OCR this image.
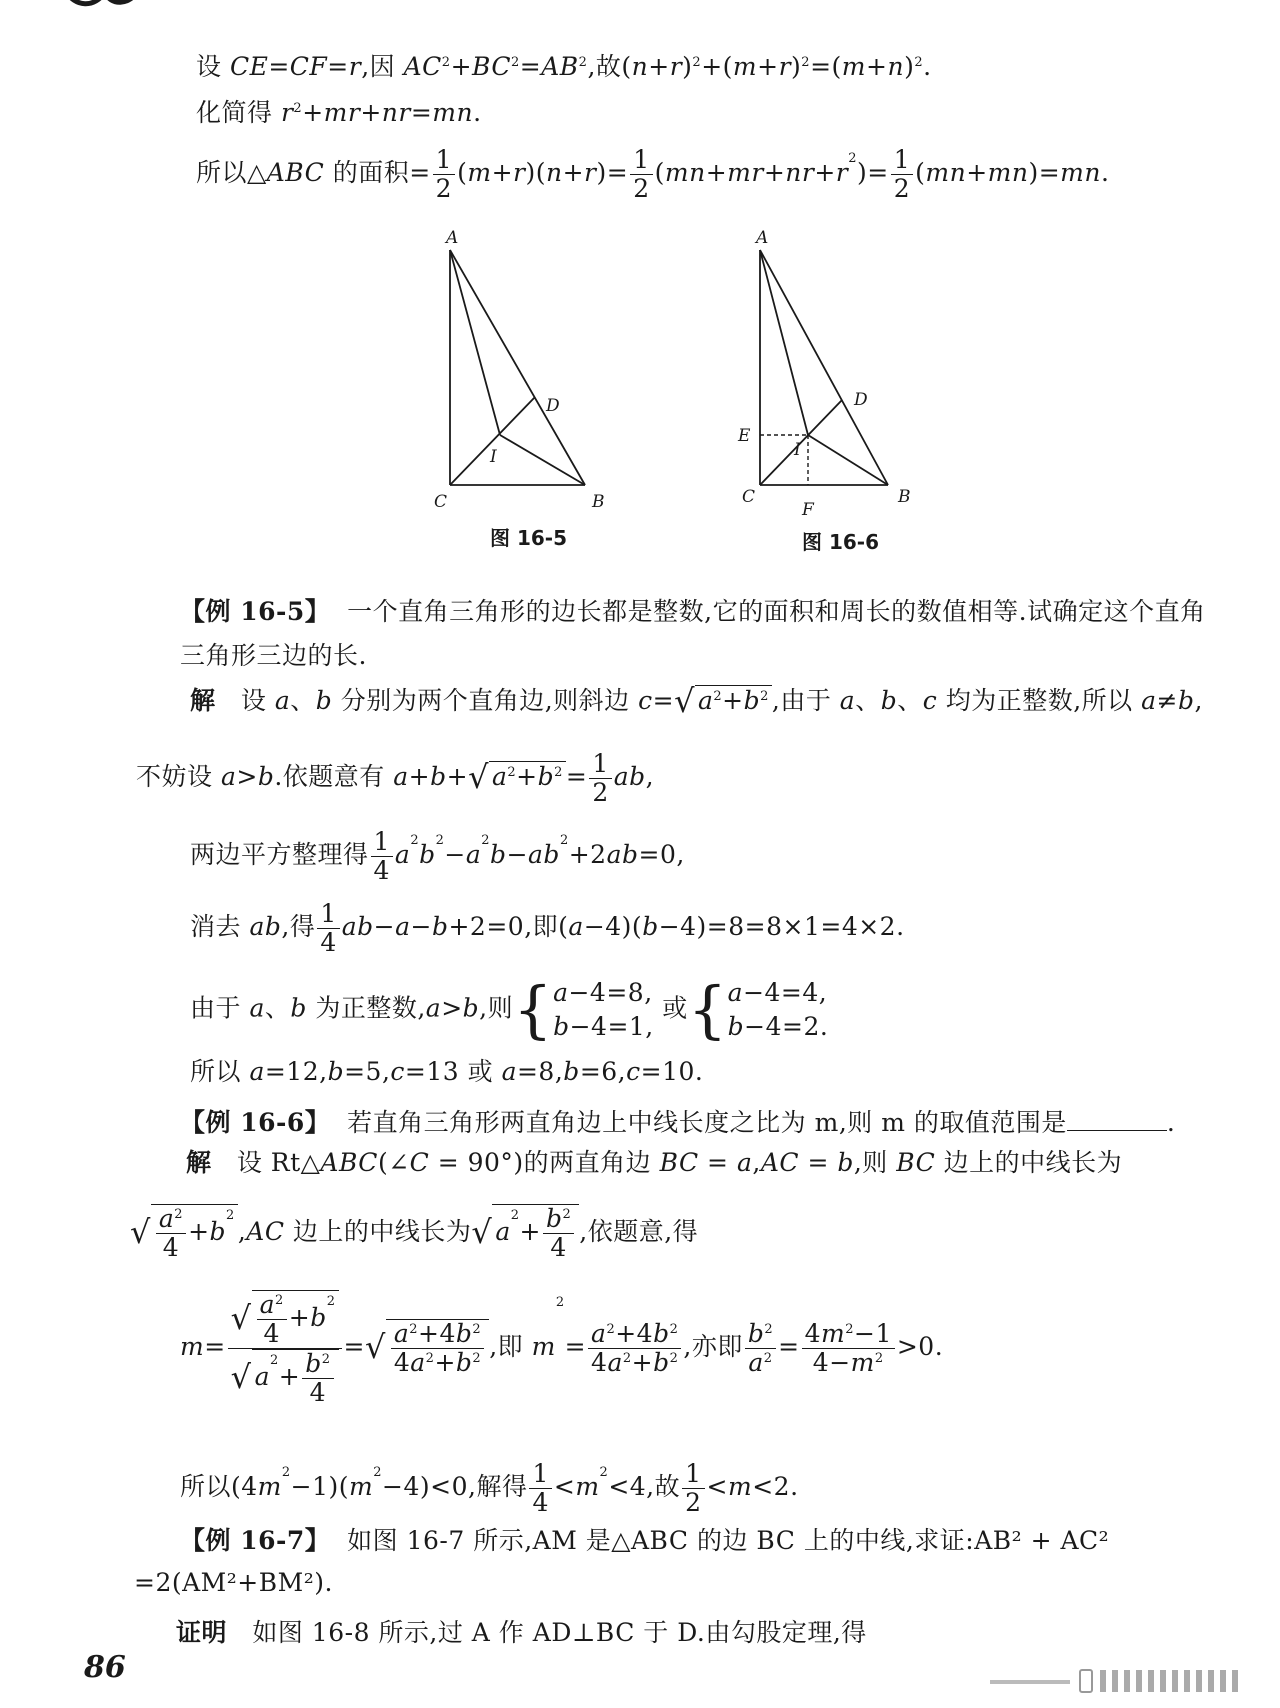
设 CE=CF=r,因 $AC^2+BC^2=AB^2$,故$(n+r)^2+(m+r)^2=(m+n)^2$.
化简得 $r^2+mr+nr=mn$.
所以△ABC 的面积= $\frac{1}{2} (m+r)(n+r)= \frac{1}{2} (mn+mr+nr+r^2)= \frac{1}{2} (mn+mn)=mn$.
A
D
I
C	B
图 16-5
A
D
E
I
C
F
B
图 16-6
【例 16-5】 一个直角三角形的边长都是整数,它的面积和周长的数值相等.试确定这个直角三角形三边的长.
解   设 a、b 分别为两个直角边,则斜边 c=√ $a^2+b^2$ ,由于 a、b、c 均为正整数,所以 a≠b,
不妨设 a>b.依题意有 a+b+√ $a^2+b^2 = \frac{1}{2}$ ab,
两边平方整理得 $\frac{1}{4} a^2b^2-a^2b-ab^2+2ab=0$,
消去 ab,得 $\frac{1}{4} ab-a-b+2=0$,即(a−4)(b−4)=8=8×1=4×2.
由于 a、b 为正整数,a>b,则{a−4=8,
b−4=1, 或{a−4=4,
b−4=2.
所以 a=12,b=5,c=13 或 a=8,b=6,c=10.
【例 16-6】 若直角三角形两直角边上中线长度之比为 m,则 m 的取值范围是	.
解   设 Rt△ABC(∠C = 90°)的两直角边 BC = a,AC = b,则 BC 边上的中线长为
√ $\frac{a^2}{4} +b^2,AC$ 边上的中线长为√ $a^2+ \frac{b^2}{4}$ ,依题意,得
$m= \frac{√ \frac{a^2}{4} +b^2}{√ a^2+ \frac{b^2}{4}}$ =√ $\frac{a^2+4b^2}{4a^2+b^2}$ ,即 $m^2= \frac{a^2+4b^2}{4a^2+b^2}$ ,亦即 $\frac{b^2}{a^2} = \frac{4m^2-1}{4-m^2} >0$.
所以$(4m^2-1)(m^2-4)<0$,解得 $\frac{1}{4} <m^2<4$,故 $\frac{1}{2} <m<2$.
【例 16-7】 如图 16-7 所示,AM 是△ABC 的边 BC 上的中线,求证:AB² + AC²
=2(AM²+BM²).
证明 如图 16-8 所示,过 A 作 AD⊥BC 于 D.由勾股定理,得
86
